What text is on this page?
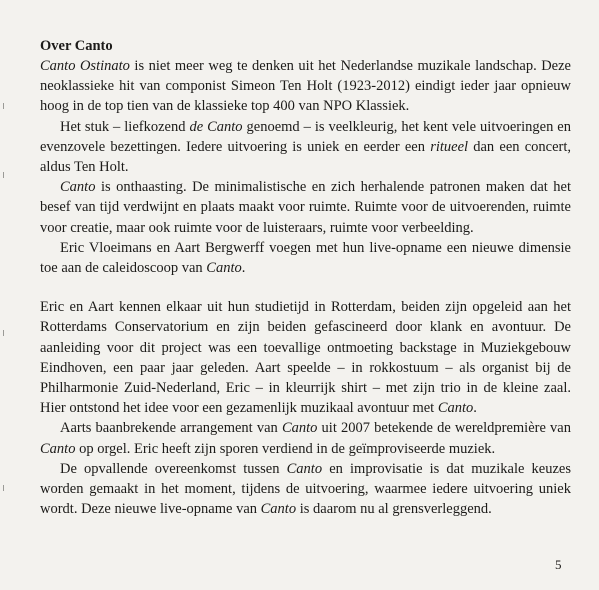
Over Canto

Canto Ostinato is niet meer weg te denken uit het Nederlandse muzikale landschap. Deze neoklassieke hit van componist Simeon Ten Holt (1923-2012) eindigt ieder jaar opnieuw hoog in de top tien van de klassieke top 400 van NPO Klassiek.

Het stuk – liefkozend de Canto genoemd – is veelkleurig, het kent vele uitvoeringen en evenzovele bezettingen. Iedere uitvoering is uniek en eerder een ritueel dan een concert, aldus Ten Holt.

Canto is onthaasting. De minimalistische en zich herhalende patronen maken dat het besef van tijd verdwijnt en plaats maakt voor ruimte. Ruimte voor de uitvoerenden, ruimte voor creatie, maar ook ruimte voor de luisteraars, ruimte voor verbeelding.

Eric Vloeimans en Aart Bergwerff voegen met hun live-opname een nieuwe dimensie toe aan de caleidoscoop van Canto.

Eric en Aart kennen elkaar uit hun studietijd in Rotterdam, beiden zijn opgeleid aan het Rotterdams Conservatorium en zijn beiden gefascineerd door klank en avontuur. De aanleiding voor dit project was een toevallige ontmoeting backstage in Muziekgebouw Eindhoven, een paar jaar geleden. Aart speelde – in rokkostuum – als organist bij de Philharmonie Zuid-Nederland, Eric – in kleurrijk shirt – met zijn trio in de kleine zaal. Hier ontstond het idee voor een gezamenlijk muzikaal avontuur met Canto.

Aarts baanbrekende arrangement van Canto uit 2007 betekende de wereldpremière van Canto op orgel. Eric heeft zijn sporen verdiend in de geïmproviseerde muziek.

De opvallende overeenkomst tussen Canto en improvisatie is dat muzikale keuzes worden gemaakt in het moment, tijdens de uitvoering, waarmee iedere uitvoering uniek wordt. Deze nieuwe live-opname van Canto is daarom nu al grensverleggend.

5
